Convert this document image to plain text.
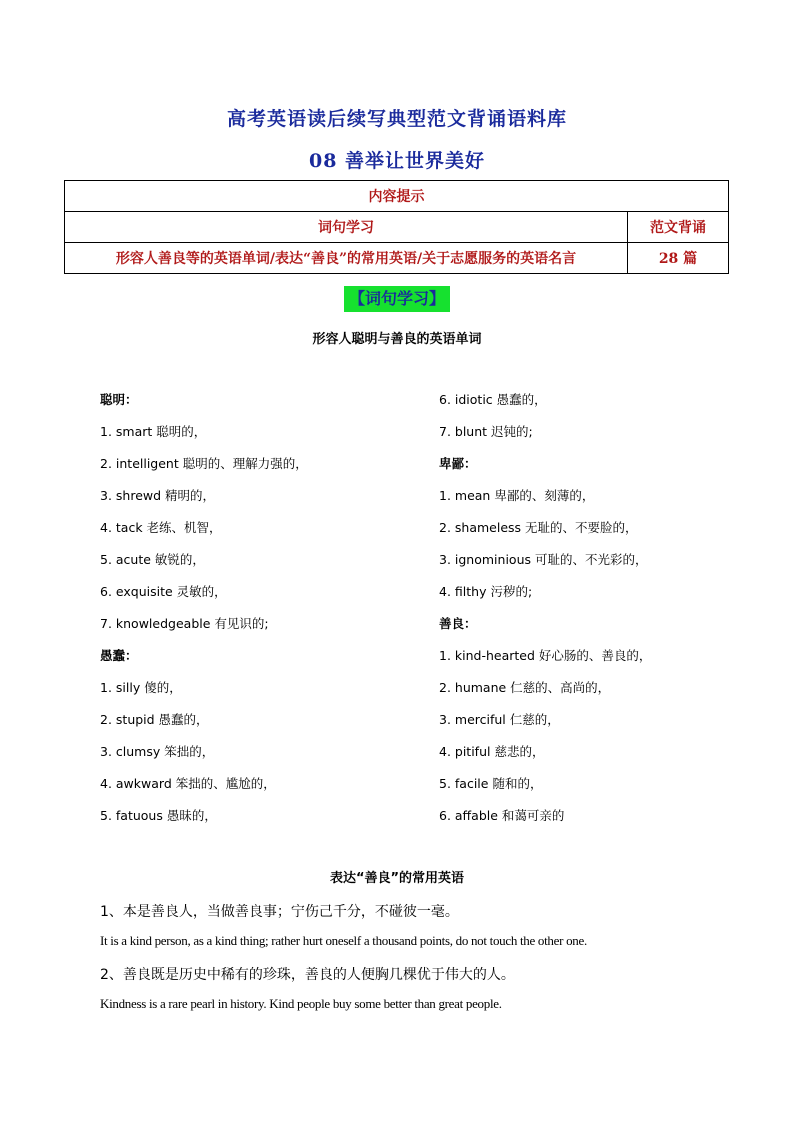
高考英语读后续写典型范文背诵语料库
08 善举让世界美好
内容提示	
词句学习	范文背诵
形容人善良等的英语单词/表达“善良”的常用英语/关于志愿服务的英语名言	28 篇
【词句学习】
形容人聪明与善良的英语单词
聪明：
1. smart 聪明的，
2. intelligent 聪明的、理解力强的，
3. shrewd 精明的，
4. tack 老练、机智，
5. acute 敏锐的，
6. exquisite 灵敏的，
7. knowledgeable 有见识的;
愚蠢：
1. silly 傻的，
2. stupid 愚蠢的，
3. clumsy 笨拙的，
4. awkward 笨拙的、尴尬的，
5. fatuous 愚昧的，
6. idiotic 愚蠢的，
7. blunt 迟钝的;
卑鄙：
1. mean 卑鄙的、刻薄的，
2. shameless 无耻的、不要脸的，
3. ignominious 可耻的、不光彩的，
4. filthy 污秽的;
善良：
1. kind-hearted 好心肠的、善良的，
2. humane 仁慈的、高尚的，
3. merciful 仁慈的，
4. pitiful 慈悲的，
5. facile 随和的，
6. affable 和蔼可亲的
表达“善良”的常用英语
1、本是善良人，当做善良事；宁伤己千分，不碰彼一毫。
It is a kind person, as a kind thing; rather hurt oneself a thousand points, do not touch the other one.
2、善良既是历史中稀有的珍珠，善良的人便胸几棵优于伟大的人。
Kindness is a rare pearl in history. Kind people buy some better than great people.
